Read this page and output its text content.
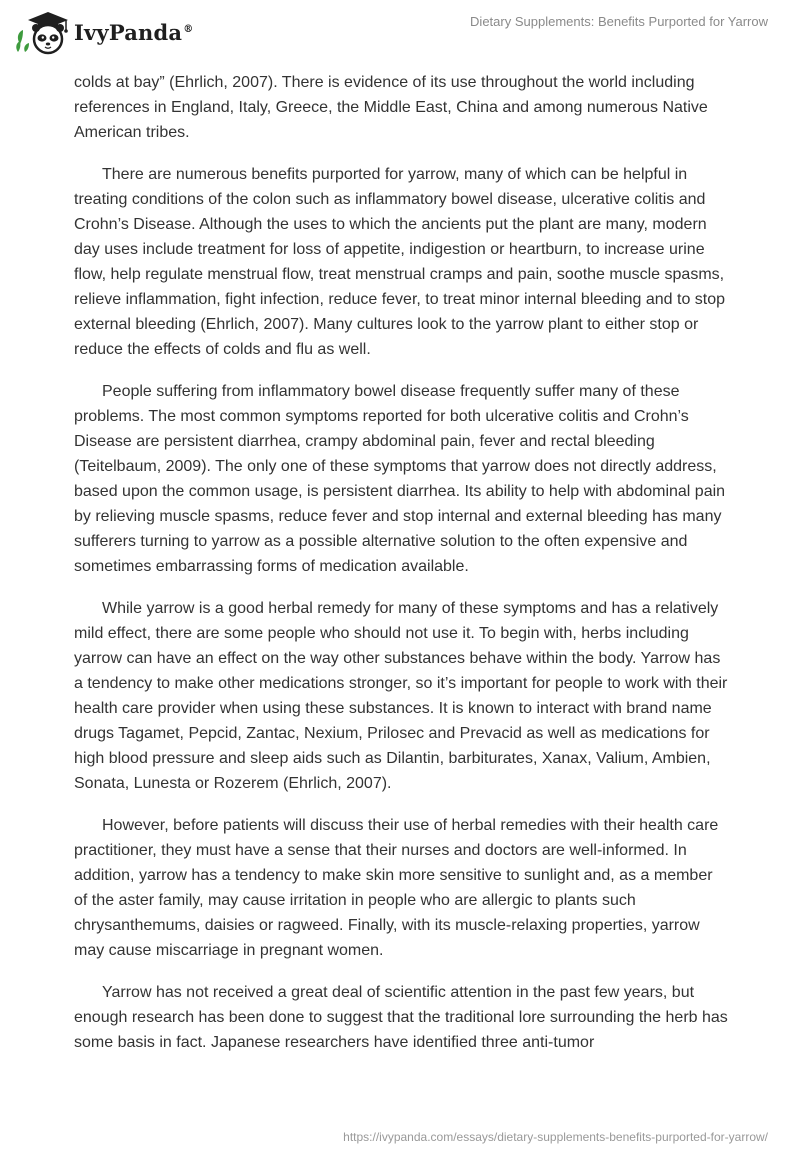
IvyPanda®	Dietary Supplements: Benefits Purported for Yarrow

colds at bay” (Ehrlich, 2007). There is evidence of its use throughout the world including references in England, Italy, Greece, the Middle East, China and among numerous Native American tribes.

There are numerous benefits purported for yarrow, many of which can be helpful in treating conditions of the colon such as inflammatory bowel disease, ulcerative colitis and Crohn’s Disease. Although the uses to which the ancients put the plant are many, modern day uses include treatment for loss of appetite, indigestion or heartburn, to increase urine flow, help regulate menstrual flow, treat menstrual cramps and pain, soothe muscle spasms, relieve inflammation, fight infection, reduce fever, to treat minor internal bleeding and to stop external bleeding (Ehrlich, 2007). Many cultures look to the yarrow plant to either stop or reduce the effects of colds and flu as well.

People suffering from inflammatory bowel disease frequently suffer many of these problems. The most common symptoms reported for both ulcerative colitis and Crohn’s Disease are persistent diarrhea, crampy abdominal pain, fever and rectal bleeding (Teitelbaum, 2009). The only one of these symptoms that yarrow does not directly address, based upon the common usage, is persistent diarrhea. Its ability to help with abdominal pain by relieving muscle spasms, reduce fever and stop internal and external bleeding has many sufferers turning to yarrow as a possible alternative solution to the often expensive and sometimes embarrassing forms of medication available.

While yarrow is a good herbal remedy for many of these symptoms and has a relatively mild effect, there are some people who should not use it. To begin with, herbs including yarrow can have an effect on the way other substances behave within the body. Yarrow has a tendency to make other medications stronger, so it’s important for people to work with their health care provider when using these substances. It is known to interact with brand name drugs Tagamet, Pepcid, Zantac, Nexium, Prilosec and Prevacid as well as medications for high blood pressure and sleep aids such as Dilantin, barbiturates, Xanax, Valium, Ambien, Sonata, Lunesta or Rozerem (Ehrlich, 2007).

However, before patients will discuss their use of herbal remedies with their health care practitioner, they must have a sense that their nurses and doctors are well-informed. In addition, yarrow has a tendency to make skin more sensitive to sunlight and, as a member of the aster family, may cause irritation in people who are allergic to plants such chrysanthemums, daisies or ragweed. Finally, with its muscle-relaxing properties, yarrow may cause miscarriage in pregnant women.

Yarrow has not received a great deal of scientific attention in the past few years, but enough research has been done to suggest that the traditional lore surrounding the herb has some basis in fact. Japanese researchers have identified three anti-tumor

https://ivypanda.com/essays/dietary-supplements-benefits-purported-for-yarrow/
